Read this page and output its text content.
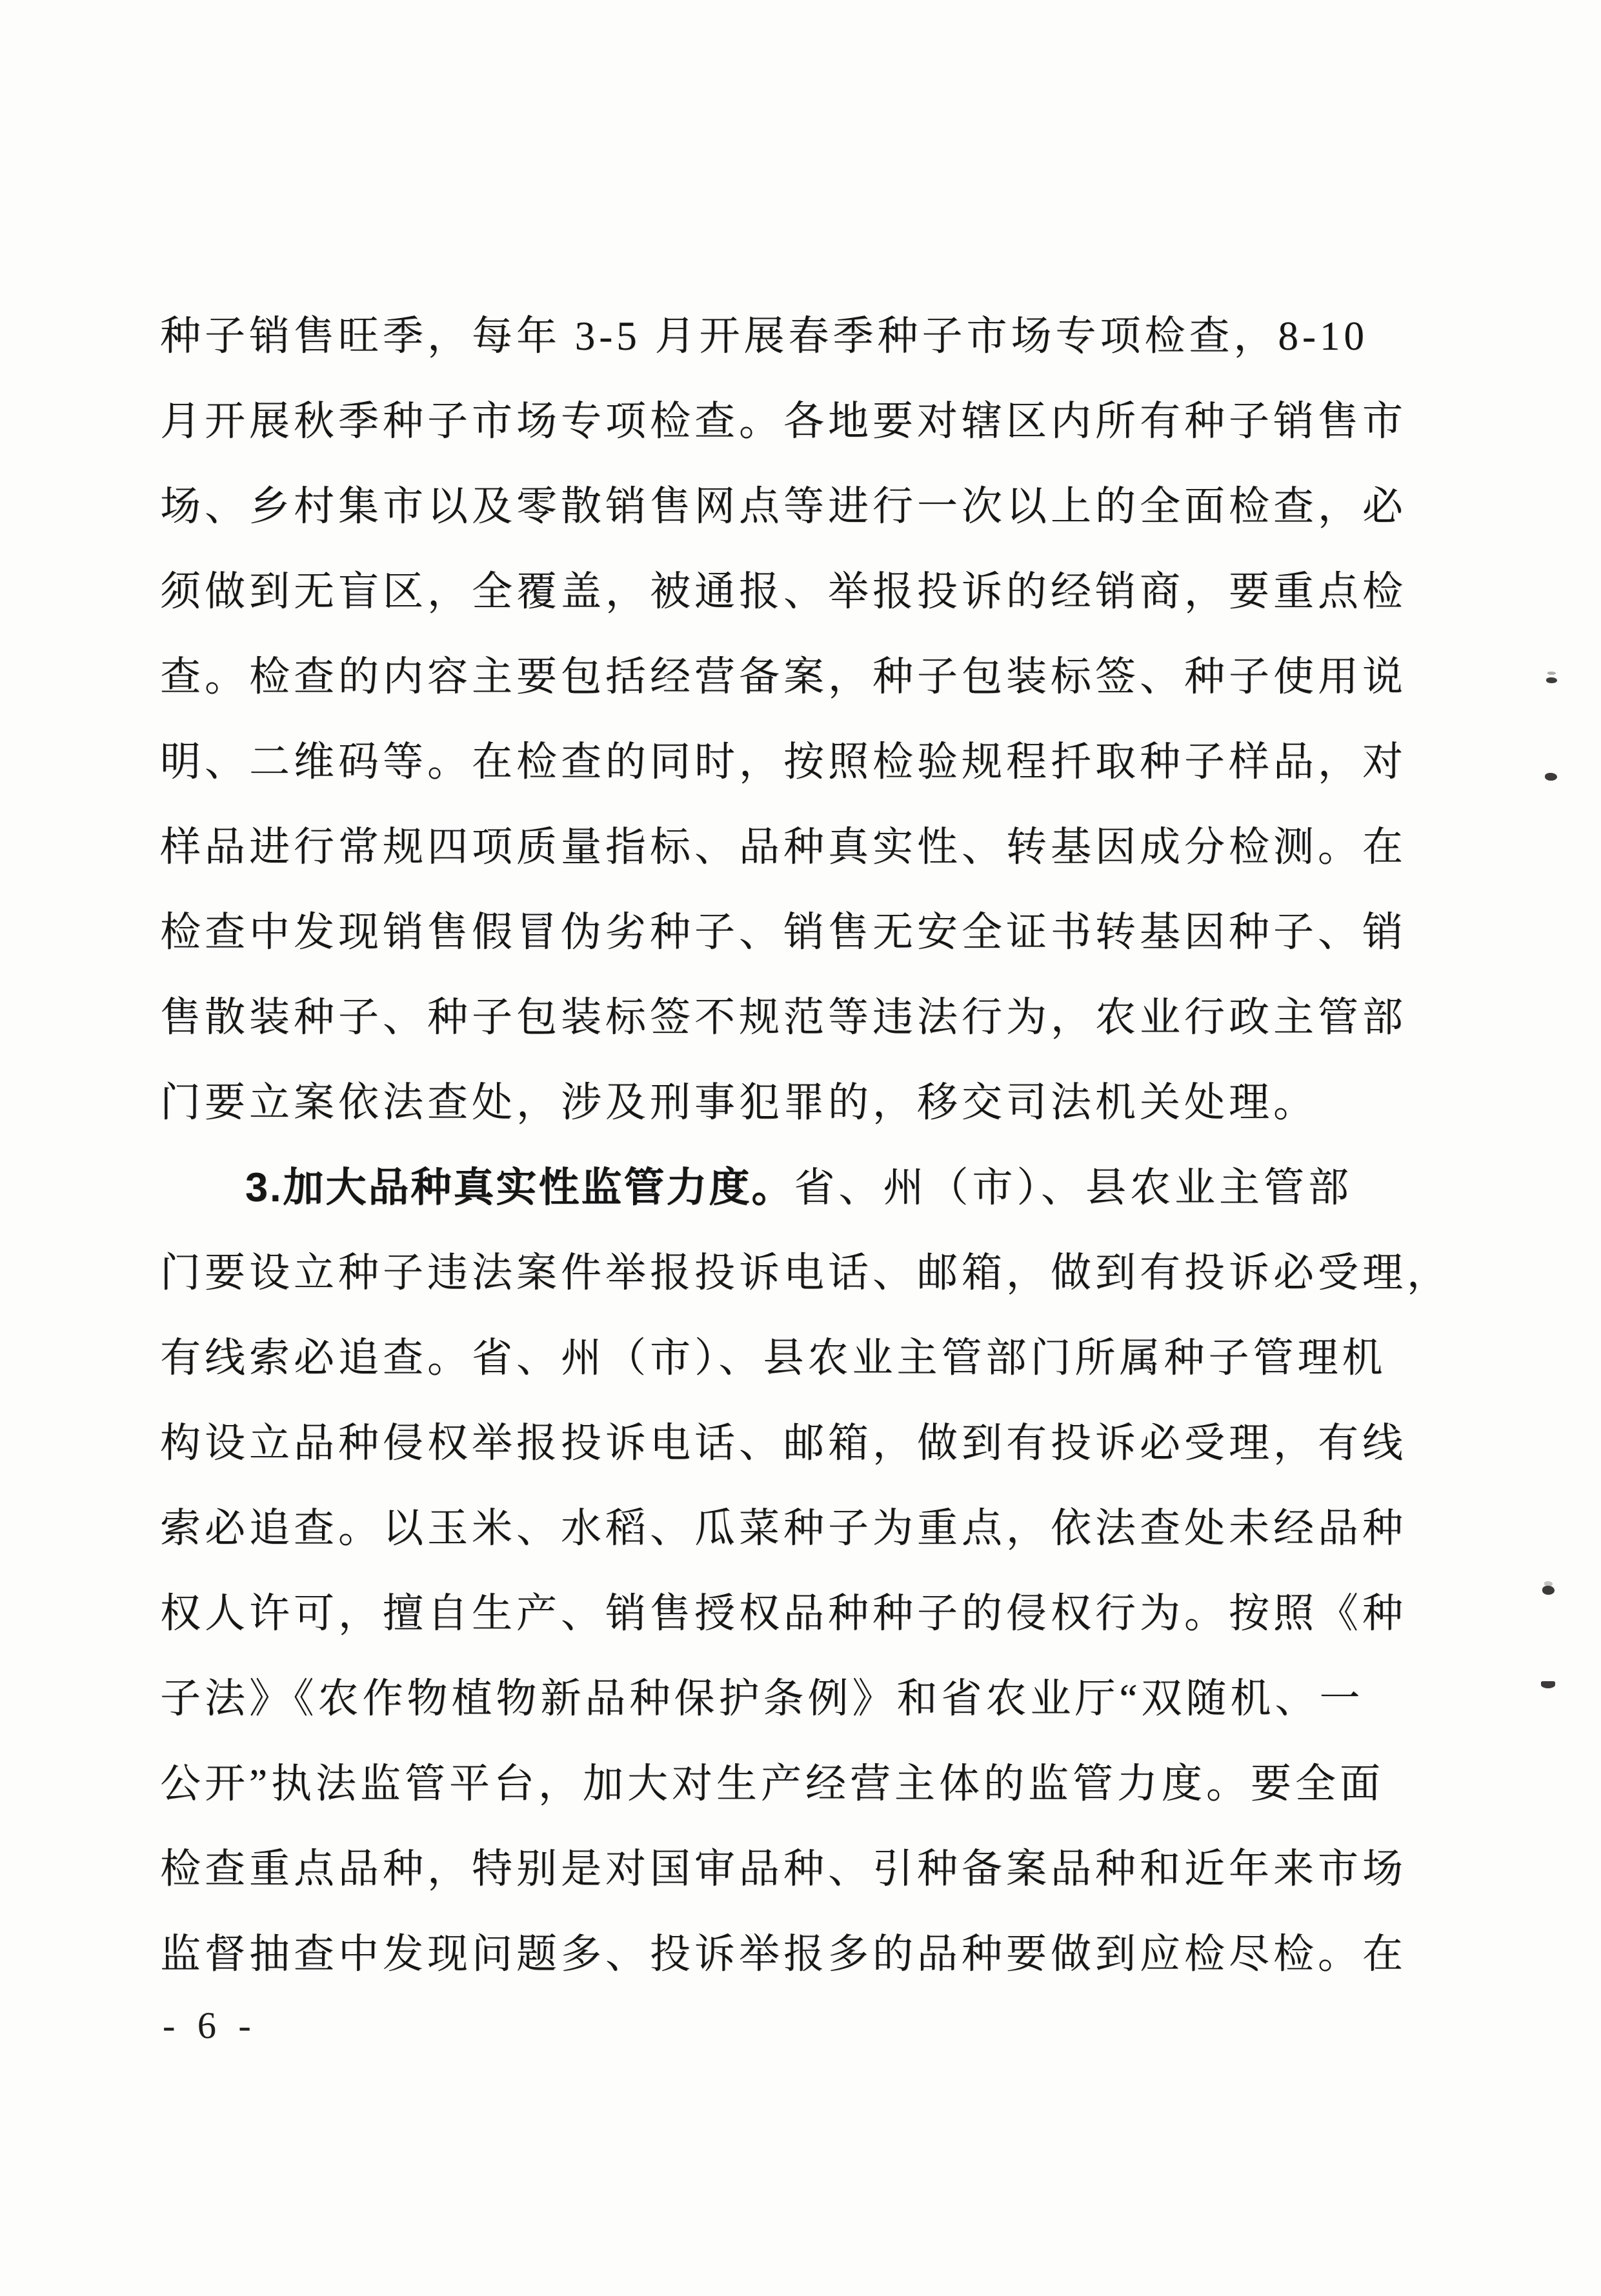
种子销售旺季，每年 3-5 月开展春季种子市场专项检查，8-10
月开展秋季种子市场专项检查。各地要对辖区内所有种子销售市
场、乡村集市以及零散销售网点等进行一次以上的全面检查，必
须做到无盲区，全覆盖，被通报、举报投诉的经销商，要重点检
查。检查的内容主要包括经营备案，种子包装标签、种子使用说
明、二维码等。在检查的同时，按照检验规程扦取种子样品，对
样品进行常规四项质量指标、品种真实性、转基因成分检测。在
检查中发现销售假冒伪劣种子、销售无安全证书转基因种子、销
售散装种子、种子包装标签不规范等违法行为，农业行政主管部
门要立案依法查处，涉及刑事犯罪的，移交司法机关处理。
3.加大品种真实性监管力度。省、州（市）、县农业主管部
门要设立种子违法案件举报投诉电话、邮箱，做到有投诉必受理，
有线索必追查。省、州（市）、县农业主管部门所属种子管理机
构设立品种侵权举报投诉电话、邮箱，做到有投诉必受理，有线
索必追查。以玉米、水稻、瓜菜种子为重点，依法查处未经品种
权人许可，擅自生产、销售授权品种种子的侵权行为。按照《种
子法》《农作物植物新品种保护条例》和省农业厅“双随机、一
公开”执法监管平台，加大对生产经营主体的监管力度。要全面
检查重点品种，特别是对国审品种、引种备案品种和近年来市场
监督抽查中发现问题多、投诉举报多的品种要做到应检尽检。在
- 6 -
